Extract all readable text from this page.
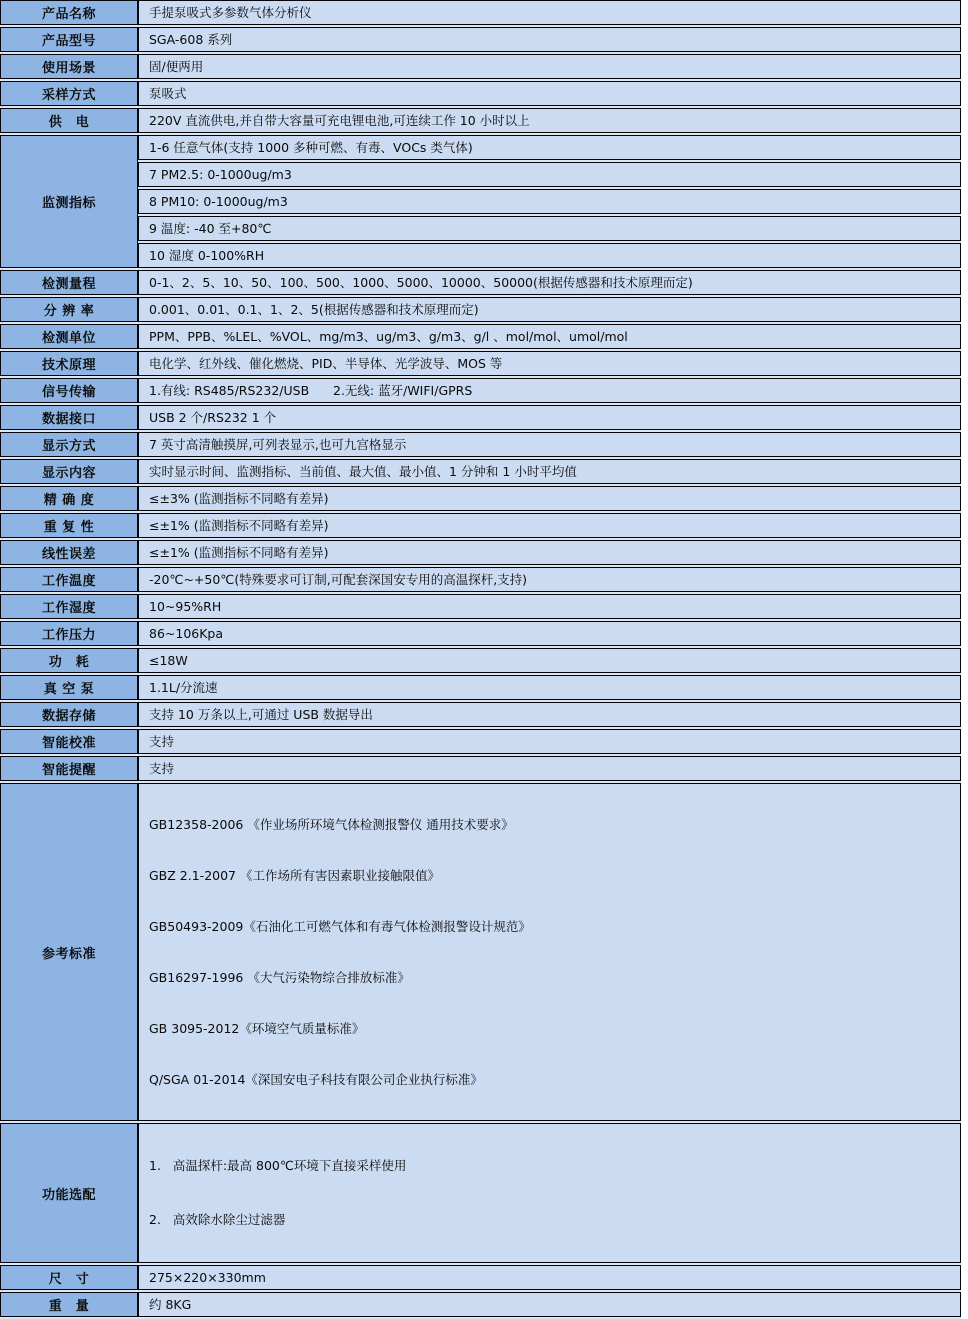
产品名称	手提泵吸式多参数气体分析仪
产品型号	SGA-608 系列
使用场景	固/便两用
采样方式	泵吸式
供　电	220V 直流供电,并自带大容量可充电锂电池,可连续工作 10 小时以上
监测指标	1-6 任意气体(支持 1000 多种可燃、有毒、VOCs 类气体)
	7 PM2.5: 0-1000ug/m3
	8 PM10: 0-1000ug/m3
	9 温度: -40 至+80℃
	10 湿度 0-100%RH
检测量程	0-1、2、5、10、50、100、500、1000、5000、10000、50000(根据传感器和技术原理而定)
分 辨 率	0.001、0.01、0.1、1、2、5(根据传感器和技术原理而定)
检测单位	PPM、PPB、%LEL、%VOL、mg/m3、ug/m3、g/m3、g/l 、mol/mol、umol/mol
技术原理	电化学、红外线、催化燃烧、PID、半导体、光学波导、MOS 等
信号传输	1.有线: RS485/RS232/USB      2.无线: 蓝牙/WIFI/GPRS
数据接口	USB 2 个/RS232 1 个
显示方式	7 英寸高清触摸屏,可列表显示,也可九宫格显示
显示内容	实时显示时间、监测指标、当前值、最大值、最小值、1 分钟和 1 小时平均值
精 确 度	≤±3% (监测指标不同略有差异)
重 复 性	≤±1% (监测指标不同略有差异)
线性误差	≤±1% (监测指标不同略有差异)
工作温度	-20℃~+50℃(特殊要求可订制,可配套深国安专用的高温探杆,支持)
工作湿度	10~95%RH
工作压力	86~106Kpa
功　耗	≤18W
真 空 泵	1.1L/分流速
数据存储	支持 10 万条以上,可通过 USB 数据导出
智能校准	支持
智能提醒	支持
参考标准	

GB12358-2006 《作业场所环境气体检测报警仪 通用技术要求》

GBZ 2.1-2007 《工作场所有害因素职业接触限值》

GB50493-2009《石油化工可燃气体和有毒气体检测报警设计规范》

GB16297-1996 《大气污染物综合排放标准》

GB 3095-2012《环境空气质量标准》

Q/SGA 01-2014《深国安电子科技有限公司企业执行标准》

功能选配	1.   高温探杆:最高 800℃环境下直接采样使用

2.   高效除水除尘过滤器

尺　寸	275×220×330mm
重　量	约 8KG
